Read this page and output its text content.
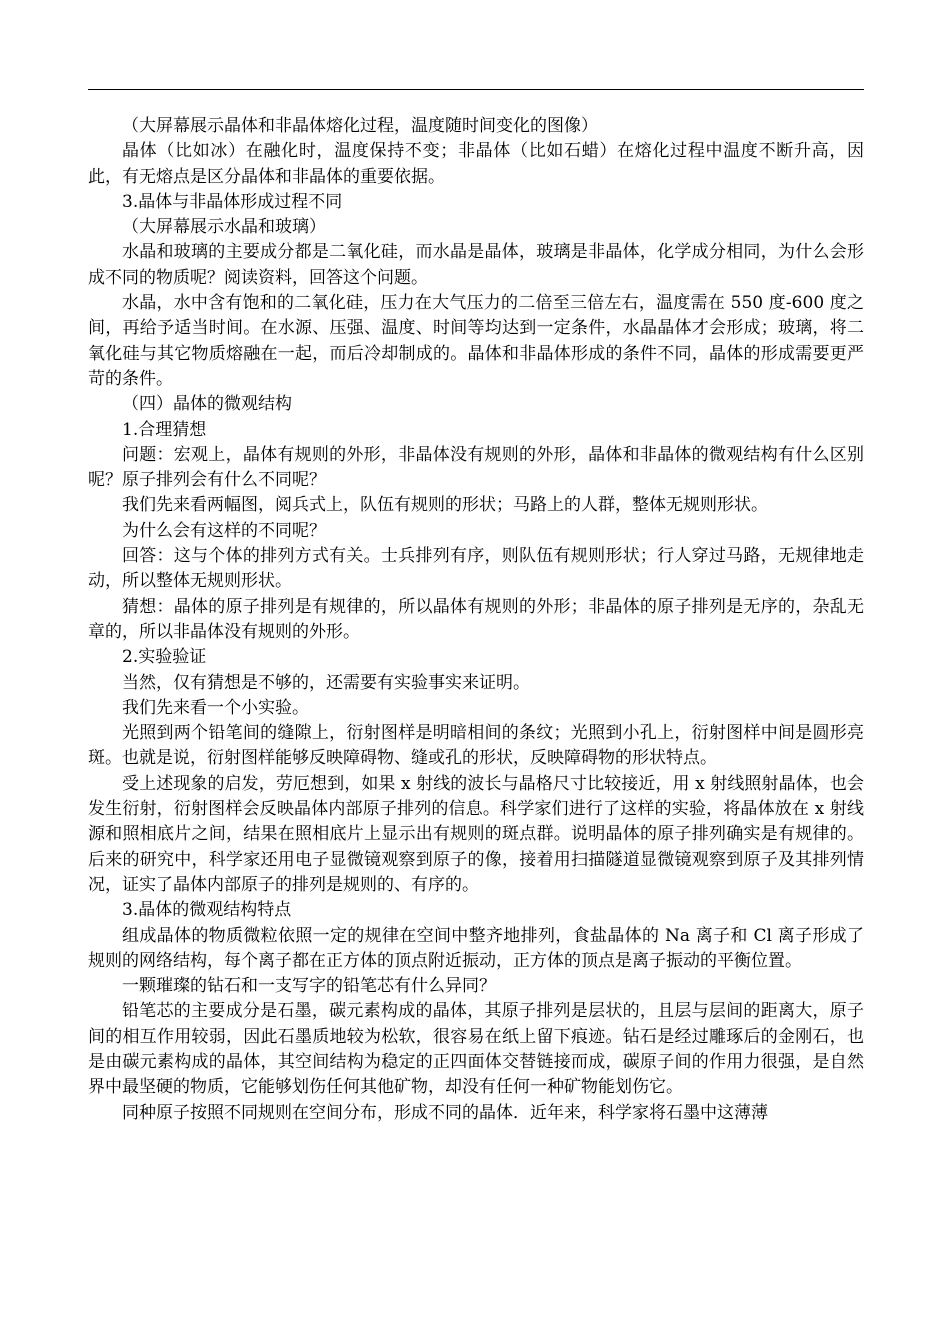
（大屏幕展示晶体和非晶体熔化过程，温度随时间变化的图像）

晶体（比如冰）在融化时，温度保持不变；非晶体（比如石蜡）在熔化过程中温度不断升高，因此，有无熔点是区分晶体和非晶体的重要依据。

3.晶体与非晶体形成过程不同

（大屏幕展示水晶和玻璃）

水晶和玻璃的主要成分都是二氧化硅，而水晶是晶体，玻璃是非晶体，化学成分相同，为什么会形成不同的物质呢？阅读资料，回答这个问题。

水晶，水中含有饱和的二氧化硅，压力在大气压力的二倍至三倍左右，温度需在 550 度-600 度之间，再给予适当时间。在水源、压强、温度、时间等均达到一定条件，水晶晶体才会形成；玻璃，将二氧化硅与其它物质熔融在一起，而后冷却制成的。晶体和非晶体形成的条件不同，晶体的形成需要更严苛的条件。

（四）晶体的微观结构

1.合理猜想

问题：宏观上，晶体有规则的外形，非晶体没有规则的外形，晶体和非晶体的微观结构有什么区别呢？原子排列会有什么不同呢？

我们先来看两幅图，阅兵式上，队伍有规则的形状；马路上的人群，整体无规则形状。

为什么会有这样的不同呢？

回答：这与个体的排列方式有关。士兵排列有序，则队伍有规则形状；行人穿过马路，无规律地走动，所以整体无规则形状。

猜想：晶体的原子排列是有规律的，所以晶体有规则的外形；非晶体的原子排列是无序的，杂乱无章的，所以非晶体没有规则的外形。

2.实验验证

当然，仅有猜想是不够的，还需要有实验事实来证明。

我们先来看一个小实验。

光照到两个铅笔间的缝隙上，衍射图样是明暗相间的条纹；光照到小孔上，衍射图样中间是圆形亮斑。也就是说，衍射图样能够反映障碍物、缝或孔的形状，反映障碍物的形状特点。

受上述现象的启发，劳厄想到，如果 x 射线的波长与晶格尺寸比较接近，用 x 射线照射晶体，也会发生衍射，衍射图样会反映晶体内部原子排列的信息。科学家们进行了这样的实验，将晶体放在 x 射线源和照相底片之间，结果在照相底片上显示出有规则的斑点群。说明晶体的原子排列确实是有规律的。后来的研究中，科学家还用电子显微镜观察到原子的像，接着用扫描隧道显微镜观察到原子及其排列情况，证实了晶体内部原子的排列是规则的、有序的。

3.晶体的微观结构特点

组成晶体的物质微粒依照一定的规律在空间中整齐地排列，食盐晶体的 Na 离子和 Cl 离子形成了规则的网络结构，每个离子都在正方体的顶点附近振动，正方体的顶点是离子振动的平衡位置。

一颗璀璨的钻石和一支写字的铅笔芯有什么异同？

铅笔芯的主要成分是石墨，碳元素构成的晶体，其原子排列是层状的，且层与层间的距离大，原子间的相互作用较弱，因此石墨质地较为松软，很容易在纸上留下痕迹。钻石是经过雕琢后的金刚石，也是由碳元素构成的晶体，其空间结构为稳定的正四面体交替链接而成，碳原子间的作用力很强，是自然界中最坚硬的物质，它能够划伤任何其他矿物，却没有任何一种矿物能划伤它。

同种原子按照不同规则在空间分布，形成不同的晶体．近年来，科学家将石墨中这薄薄
